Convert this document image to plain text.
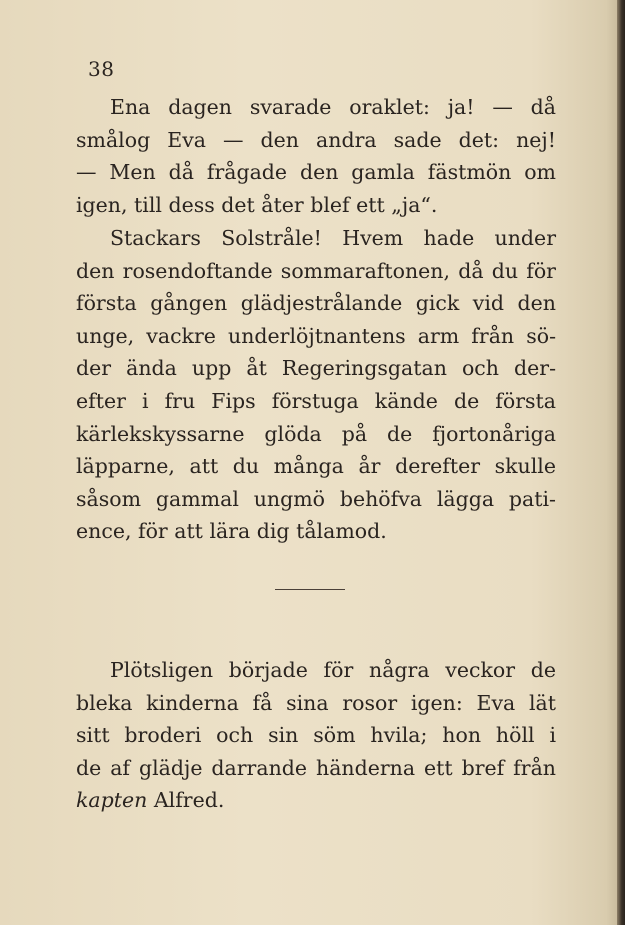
38
Ena dagen svarade oraklet: ja! — då
smålog Eva — den andra sade det: nej!
— Men då frågade den gamla fästmön om
igen, till dess det åter blef ett „ja“.
Stackars Solstråle! Hvem hade under
den rosendoftande sommaraftonen, då du för
första gången glädjestrålande gick vid den
unge, vackre underlöjtnantens arm från sö-
der ända upp åt Regeringsgatan och der-
efter i fru Fips förstuga kände de första
kärlekskyssarne glöda på de fjortonåriga
läpparne, att du många år derefter skulle
såsom gammal ungmö behöfva lägga pati-
ence, för att lära dig tålamod.
Plötsligen började för några veckor de
bleka kinderna få sina rosor igen: Eva lät
sitt broderi och sin söm hvila; hon höll i
de af glädje darrande händerna ett bref från
kapten Alfred.
